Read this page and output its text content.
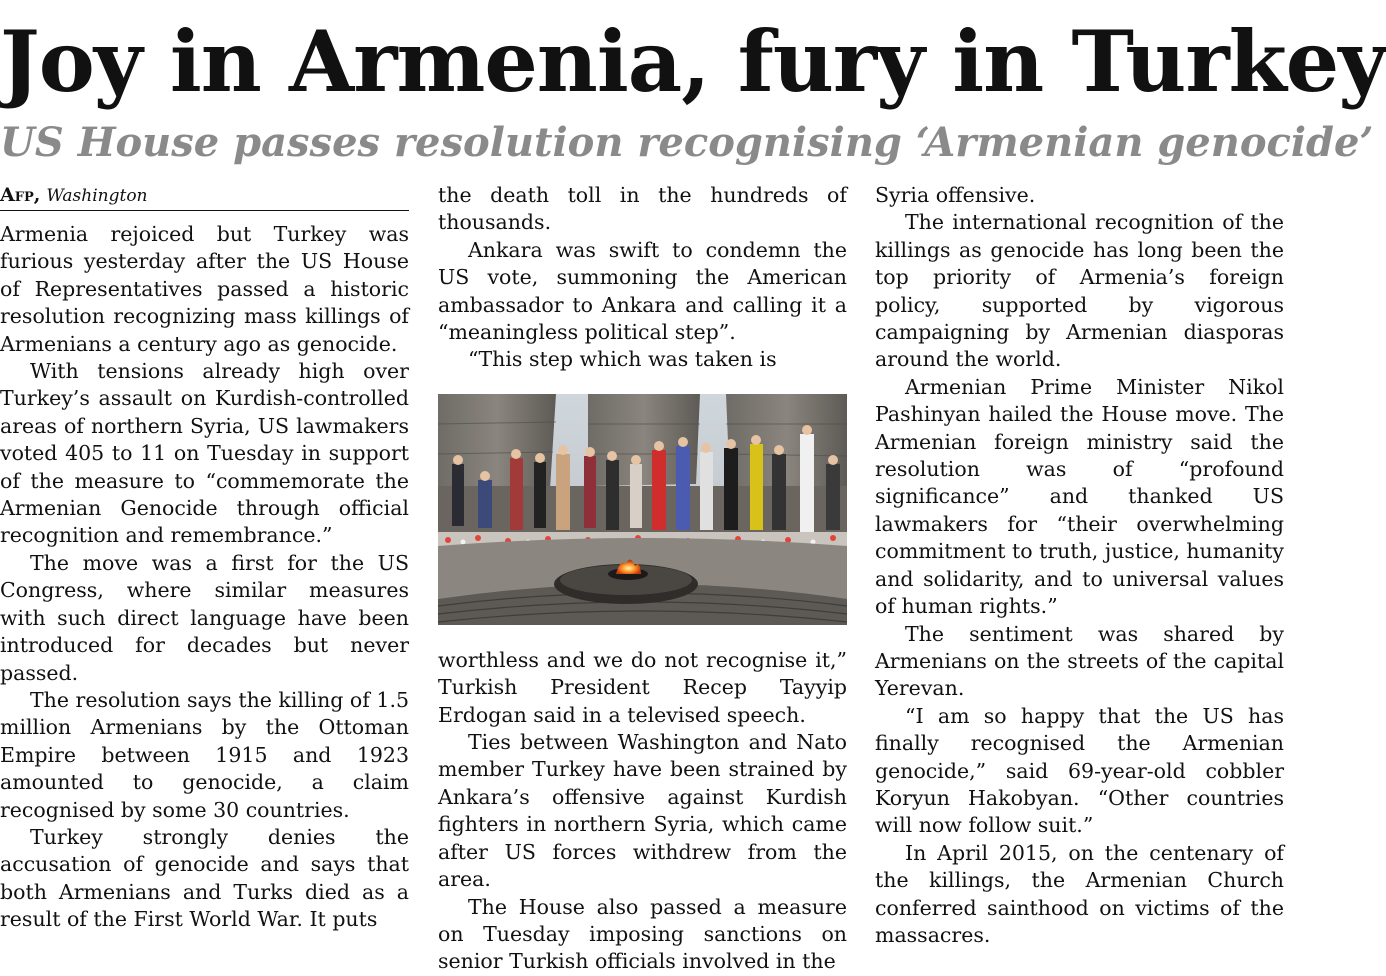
Joy in Armenia, fury in Turkey
US House passes resolution recognising ‘Armenian genocide’
Afp, Washington

Armenia rejoiced but Turkey was furious yesterday after the US House of Representatives passed a historic resolution recognizing mass killings of Armenians a century ago as genocide.

With tensions already high over Turkey’s assault on Kurdish-controlled areas of northern Syria, US lawmakers voted 405 to 11 on Tuesday in support of the measure to “commemorate the Armenian Genocide through official recognition and remembrance.”

The move was a first for the US Congress, where similar measures with such direct language have been introduced for decades but never passed.

The resolution says the killing of 1.5 million Armenians by the Ottoman Empire between 1915 and 1923 amounted to genocide, a claim recognised by some 30 countries.

Turkey strongly denies the accusation of genocide and says that both Armenians and Turks died as a result of the First World War. It puts

the death toll in the hundreds of thousands.

Ankara was swift to condemn the US vote, summoning the American ambassador to Ankara and calling it a “meaningless political step”.

“This step which was taken is

worthless and we do not recognise it,” Turkish President Recep Tayyip Erdogan said in a televised speech.

Ties between Washington and Nato member Turkey have been strained by Ankara’s offensive against Kurdish fighters in northern Syria, which came after US forces withdrew from the area.

The House also passed a measure on Tuesday imposing sanctions on senior Turkish officials involved in the

Syria offensive.

The international recognition of the killings as genocide has long been the top priority of Armenia’s foreign policy, supported by vigorous campaigning by Armenian diasporas around the world.

Armenian Prime Minister Nikol Pashinyan hailed the House move. The Armenian foreign ministry said the resolution was of “profound significance” and thanked US lawmakers for “their overwhelming commitment to truth, justice, humanity and solidarity, and to universal values of human rights.”

The sentiment was shared by Armenians on the streets of the capital Yerevan.

“I am so happy that the US has finally recognised the Armenian genocide,” said 69-year-old cobbler Koryun Hakobyan. “Other countries will now follow suit.”

In April 2015, on the centenary of the killings, the Armenian Church conferred sainthood on victims of the massacres.
